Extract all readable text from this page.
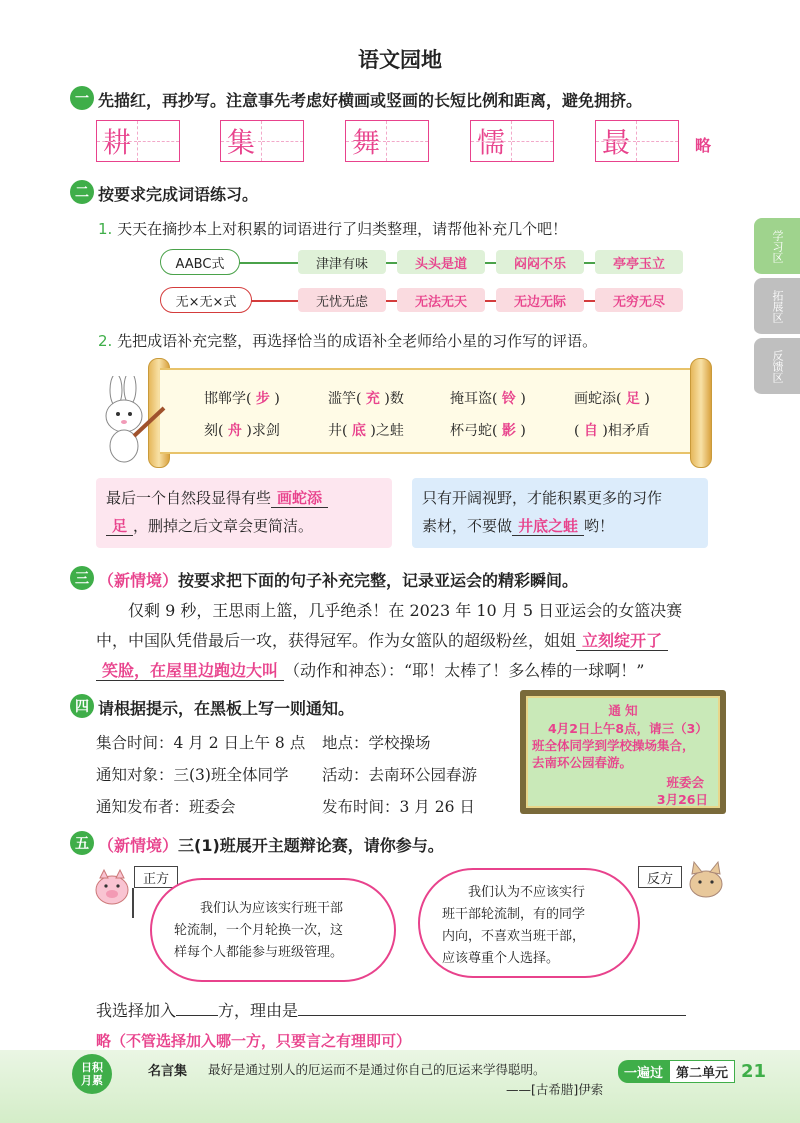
语文园地
一 先描红，再抄写。注意事先考虑好横画或竖画的长短比例和距离，避免拥挤。
耕	集	舞	懦	最	略
二 按要求完成词语练习。
1. 天天在摘抄本上对积累的词语进行了归类整理，请帮他补充几个吧！
AABC式	津津有味	头头是道	闷闷不乐	亭亭玉立
无×无×式	无忧无虑	无法无天	无边无际	无穷无尽
2. 先把成语补充完整，再选择恰当的成语补全老师给小星的习作写的评语。
邯郸学( 步 )	滥竽( 充 )数	掩耳盗( 铃 )	画蛇添( 足 )
刻( 舟 )求剑	井( 底 )之蛙	杯弓蛇( 影 )	( 自 )相矛盾
最后一个自然段显得有些 画蛇添
足 ，删掉之后文章会更简洁。
只有开阔视野，才能积累更多的习作
素材，不要做 井底之蛙 哟！
三 （新情境）按要求把下面的句子补充完整，记录亚运会的精彩瞬间。
仅剩 9 秒，王思雨上篮，几乎绝杀！在 2023 年 10 月 5 日亚运会的女篮决赛
中，中国队凭借最后一攻，获得冠军。作为女篮队的超级粉丝，姐姐 立刻绽开了
笑脸，在屋里边跑边大叫 （动作和神态）：“耶！太棒了！多么棒的一球啊！”
四 请根据提示，在黑板上写一则通知。
集合时间：4 月 2 日上午 8 点 地点：学校操场
通知对象：三(3)班全体同学 活动：去南环公园春游
通知发布者：班委会	发布时间：3 月 26 日
通 知
4月2日上午8点，请三（3）
班全体同学到学校操场集合，
去南环公园春游。
班委会
3月26日
五 （新情境）三(1)班展开主题辩论赛，请你参与。
正方	反方
我们认为应该实行班干部
轮流制，一个月轮换一次，这
样每个人都能参与班级管理。
我们认为不应该实行
班干部轮流制，有的同学
内向，不喜欢当班干部，
应该尊重个人选择。
我选择加入	方，理由是
略（不管选择加入哪一方，只要言之有理即可）
学习区
拓展区
反馈区
日积
月累
名言集 最好是通过别人的厄运而不是通过你自己的厄运来学得聪明。
——[古希腊]伊索
一遍过	第二单元 21
